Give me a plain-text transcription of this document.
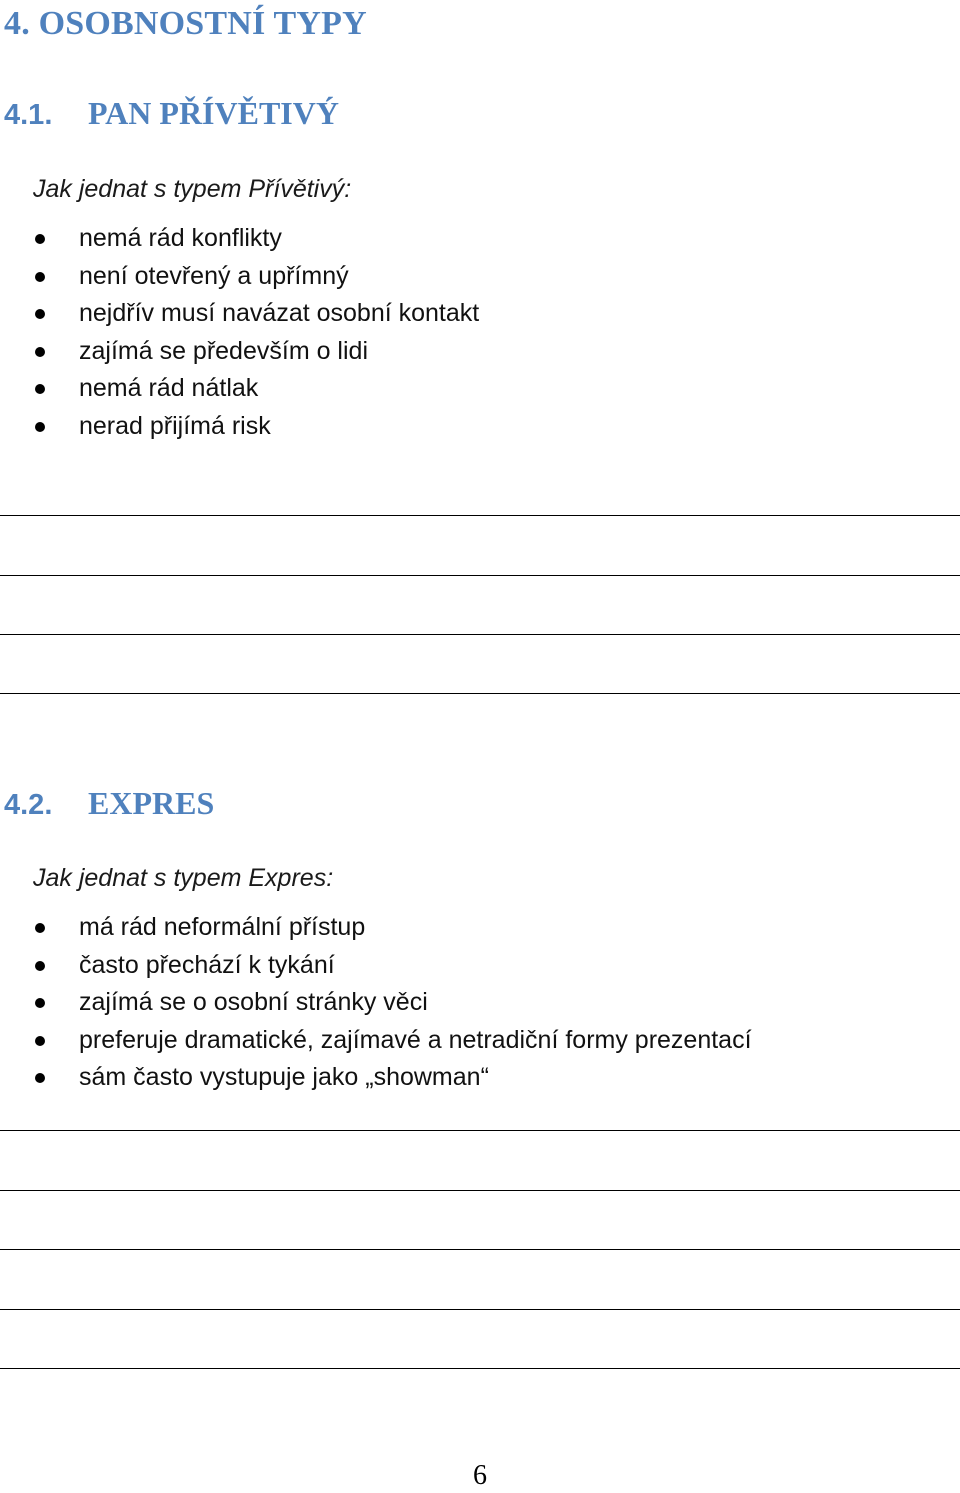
4. OSOBNOSTNÍ TYPY
4.1. PAN PŘÍVĚTIVÝ

Jak jednat s typem Přívětivý:

nemá rád konflikty
není otevřený a upřímný
nejdřív musí navázat osobní kontakt
zajímá se především o lidi
nemá rád nátlak
nerad přijímá risk
4.2. EXPRES

Jak jednat s typem Expres:

má rád neformální přístup
často přechází k tykání
zajímá se o osobní stránky věci
preferuje dramatické, zajímavé a netradiční formy prezentací
sám často vystupuje jako „showman“
6
